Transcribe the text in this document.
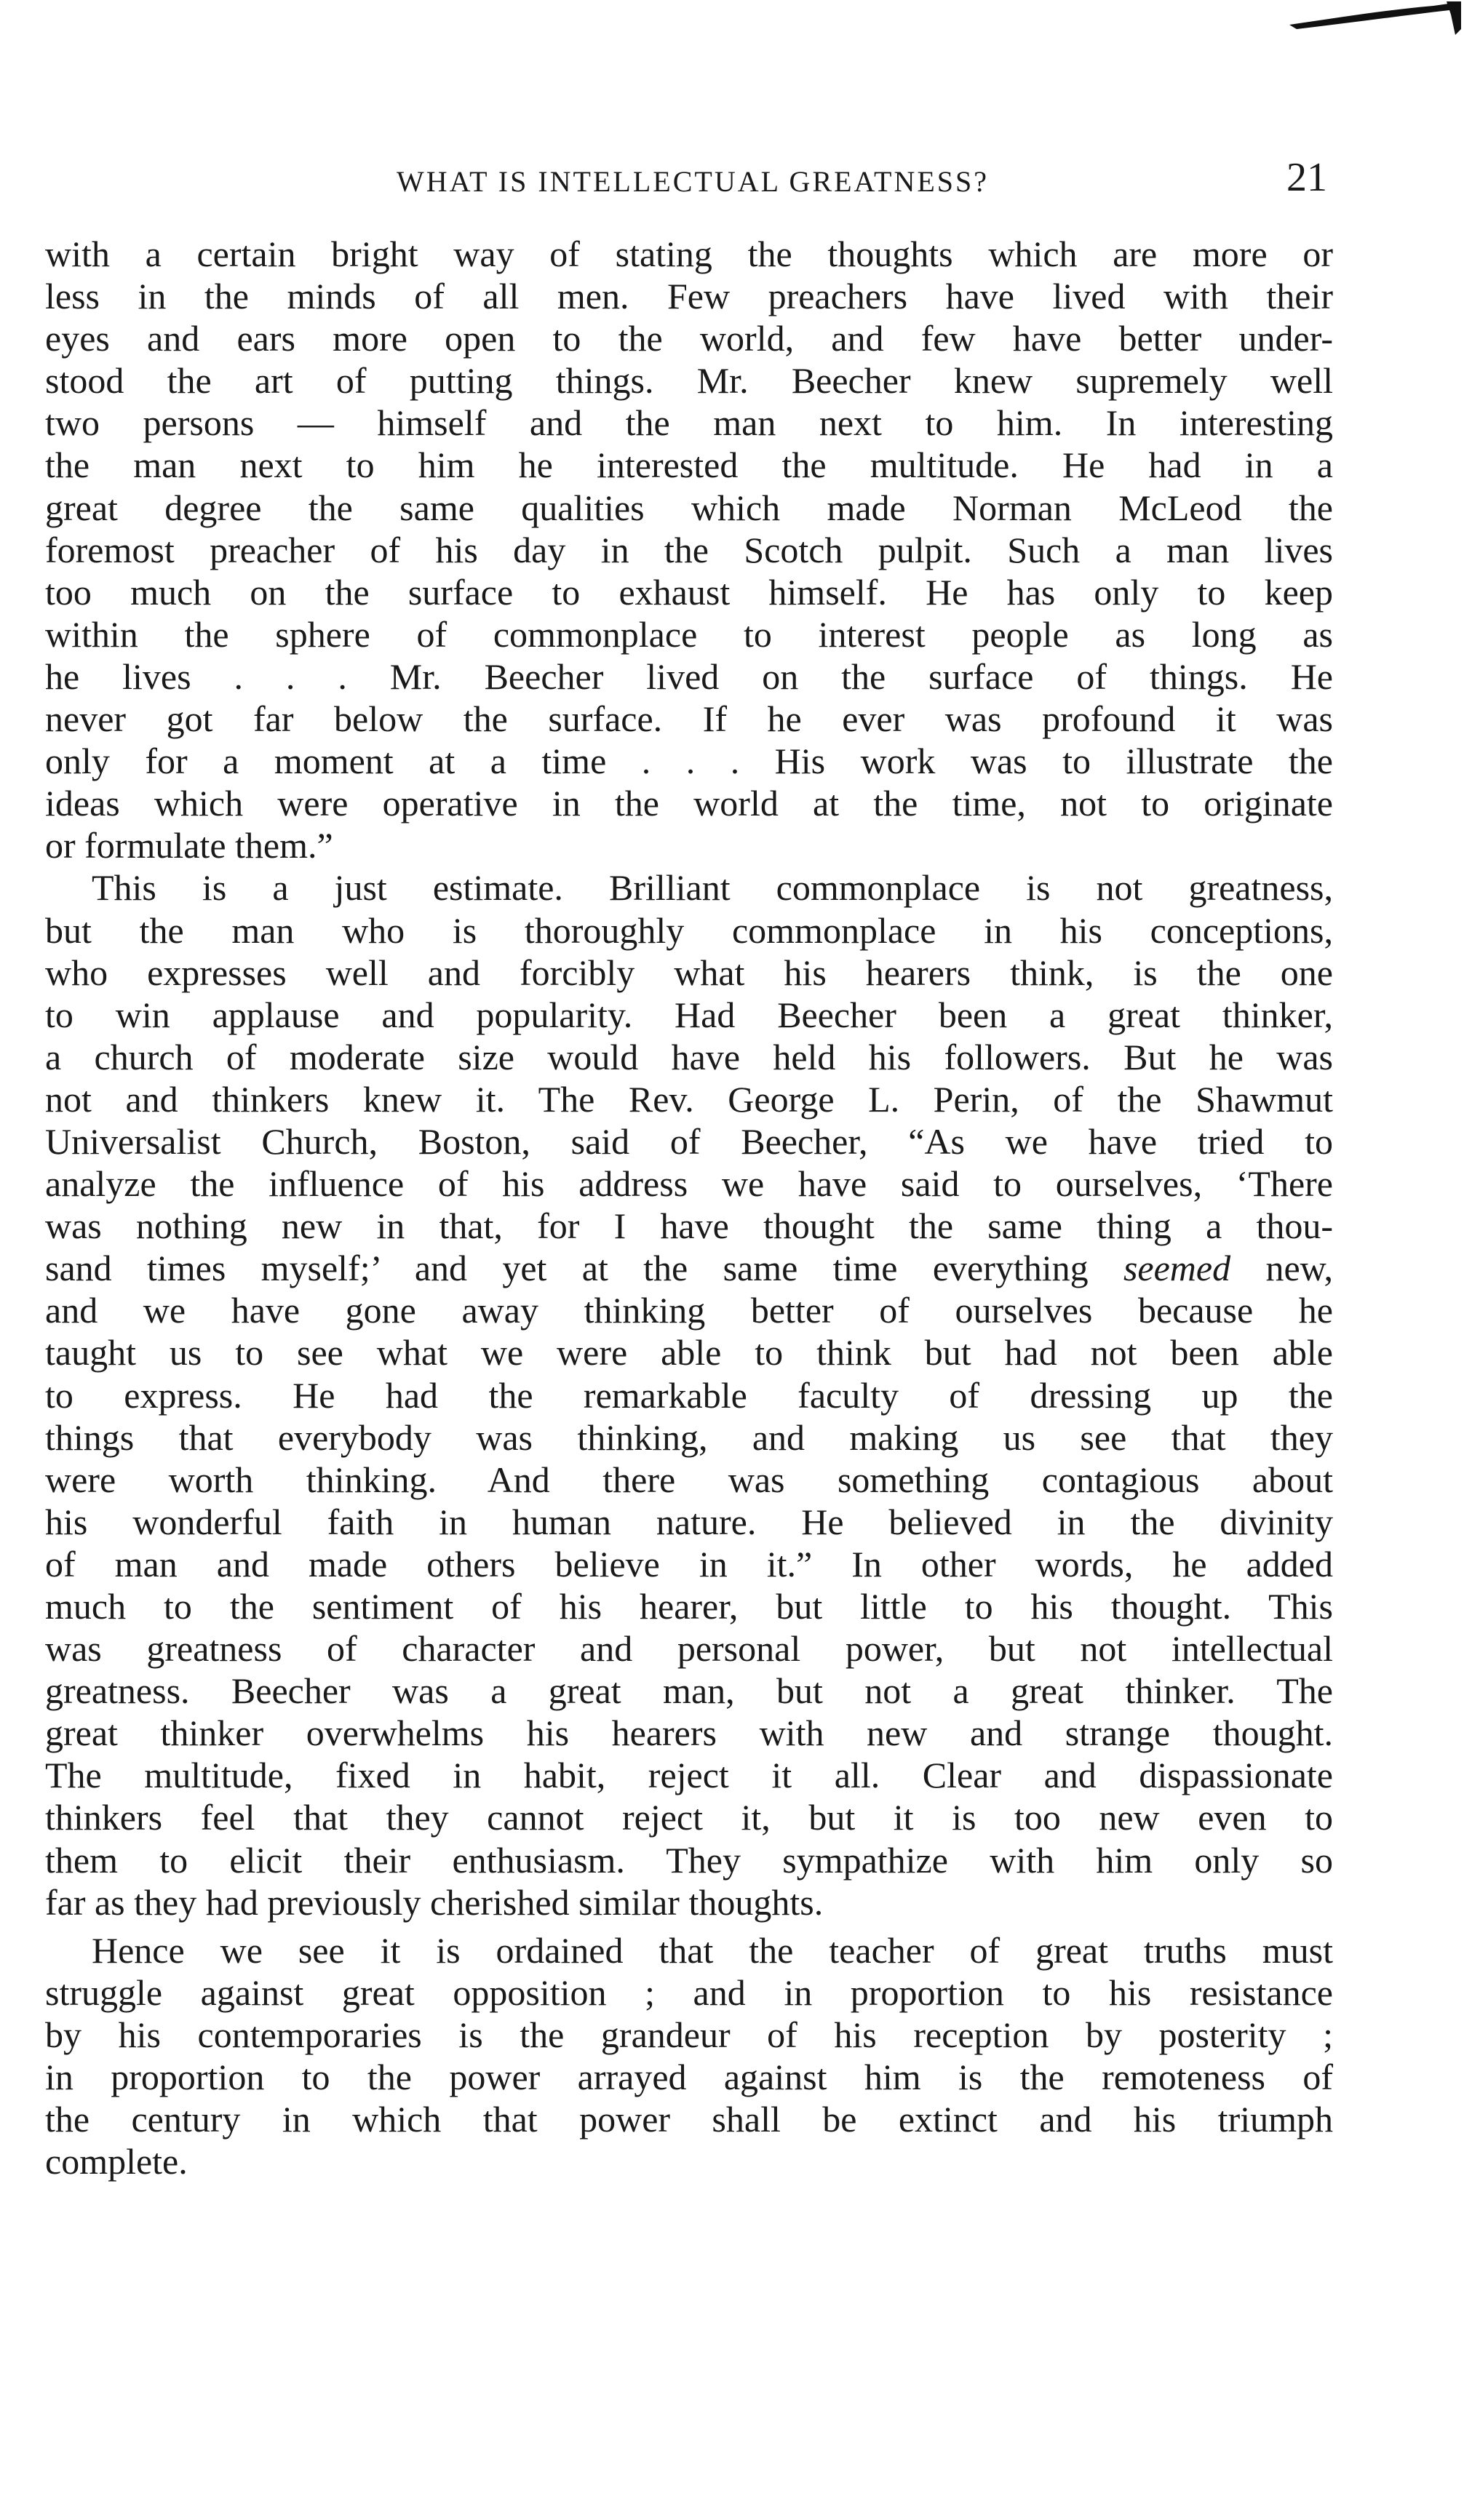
WHAT IS INTELLECTUAL GREATNESS?	21
with a certain bright way of stating the thoughts which are more or
less in the minds of all men. Few preachers have lived with their
eyes and ears more open to the world, and few have better under-
stood the art of putting things. Mr. Beecher knew supremely well
two persons — himself and the man next to him. In interesting
the man next to him he interested the multitude. He had in a
great degree the same qualities which made Norman McLeod the
foremost preacher of his day in the Scotch pulpit. Such a man lives
too much on the surface to exhaust himself. He has only to keep
within the sphere of commonplace to interest people as long as
he lives . . . Mr. Beecher lived on the surface of things. He
never got far below the surface. If he ever was profound it was
only for a moment at a time . . . His work was to illustrate the
ideas which were operative in the world at the time, not to originate
or formulate them.”
This is a just estimate. Brilliant commonplace is not greatness,
but the man who is thoroughly commonplace in his conceptions,
who expresses well and forcibly what his hearers think, is the one
to win applause and popularity. Had Beecher been a great thinker,
a church of moderate size would have held his followers. But he was
not and thinkers knew it. The Rev. George L. Perin, of the Shawmut
Universalist Church, Boston, said of Beecher, “As we have tried to
analyze the influence of his address we have said to ourselves, ‘There
was nothing new in that, for I have thought the same thing a thou-
sand times myself;’ and yet at the same time everything seemed new,
and we have gone away thinking better of ourselves because he
taught us to see what we were able to think but had not been able
to express. He had the remarkable faculty of dressing up the
things that everybody was thinking, and making us see that they
were worth thinking. And there was something contagious about
his wonderful faith in human nature. He believed in the divinity
of man and made others believe in it.” In other words, he added
much to the sentiment of his hearer, but little to his thought. This
was greatness of character and personal power, but not intellectual
greatness. Beecher was a great man, but not a great thinker. The
great thinker overwhelms his hearers with new and strange thought.
The multitude, fixed in habit, reject it all. Clear and dispassionate
thinkers feel that they cannot reject it, but it is too new even to
them to elicit their enthusiasm. They sympathize with him only so
far as they had previously cherished similar thoughts.
Hence we see it is ordained that the teacher of great truths must
struggle against great opposition ; and in proportion to his resistance
by his contemporaries is the grandeur of his reception by posterity ;
in proportion to the power arrayed against him is the remoteness of
the century in which that power shall be extinct and his triumph
complete.
